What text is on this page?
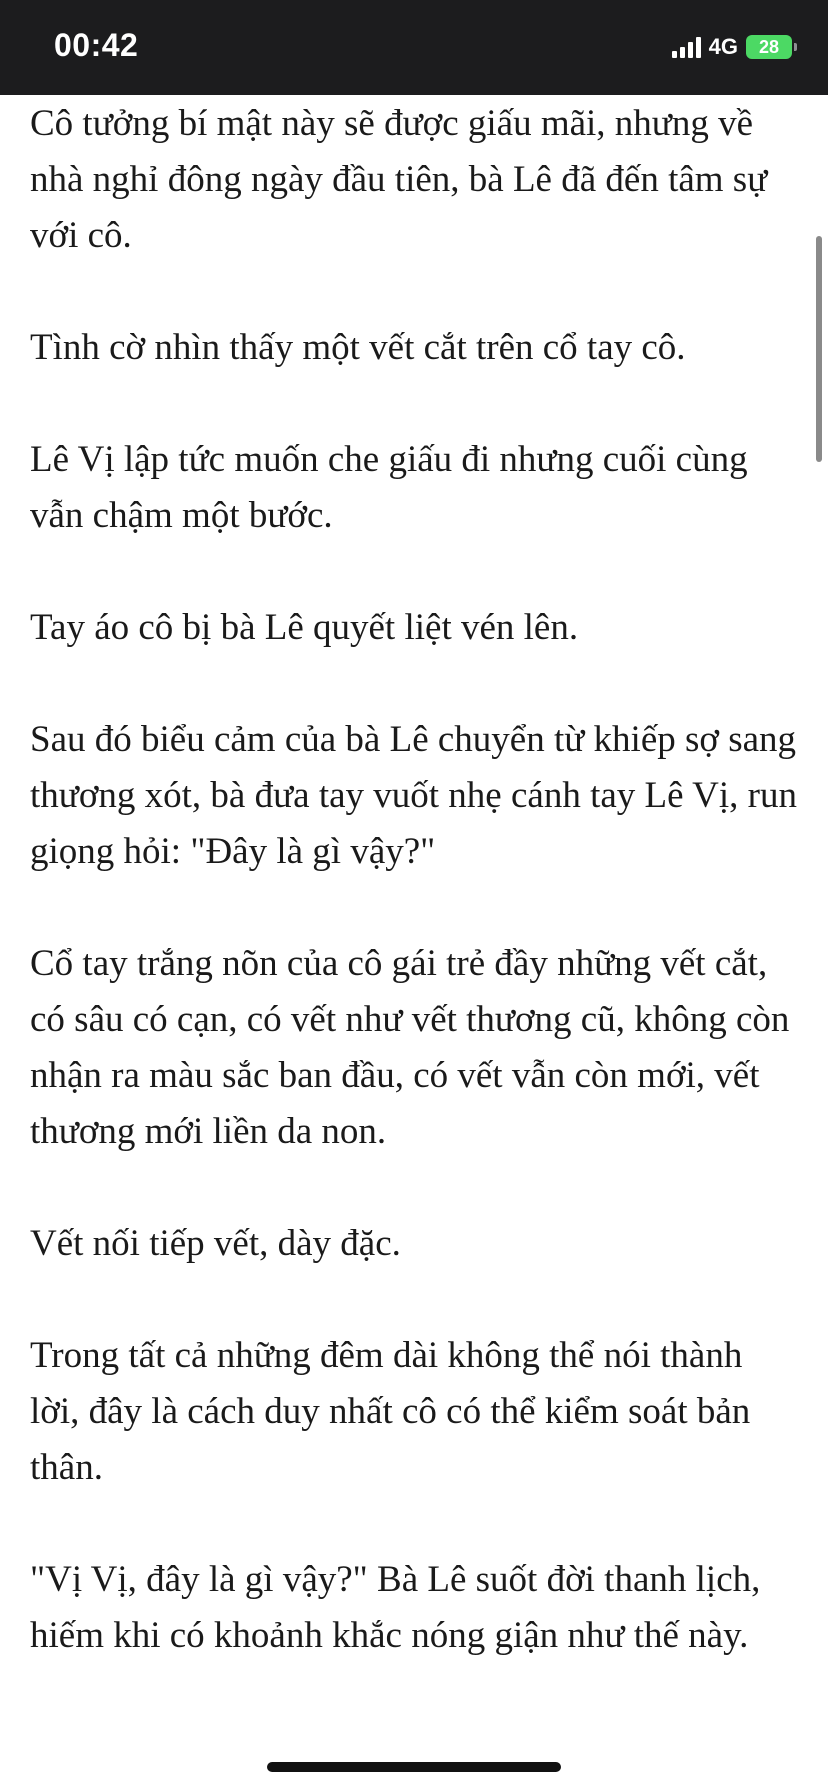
00:42	4G 28

Cô tưởng bí mật này sẽ được giấu mãi, nhưng về nhà nghỉ đông ngày đầu tiên, bà Lê đã đến tâm sự với cô.

Tình cờ nhìn thấy một vết cắt trên cổ tay cô.

Lê Vị lập tức muốn che giấu đi nhưng cuối cùng vẫn chậm một bước.

Tay áo cô bị bà Lê quyết liệt vén lên.

Sau đó biểu cảm của bà Lê chuyển từ khiếp sợ sang thương xót, bà đưa tay vuốt nhẹ cánh tay Lê Vị, run giọng hỏi: "Đây là gì vậy?"

Cổ tay trắng nõn của cô gái trẻ đầy những vết cắt, có sâu có cạn, có vết như vết thương cũ, không còn nhận ra màu sắc ban đầu, có vết vẫn còn mới, vết thương mới liền da non.

Vết nối tiếp vết, dày đặc.

Trong tất cả những đêm dài không thể nói thành lời, đây là cách duy nhất cô có thể kiểm soát bản thân.

"Vị Vị, đây là gì vậy?" Bà Lê suốt đời thanh lịch, hiếm khi có khoảnh khắc nóng giận như thế này.
